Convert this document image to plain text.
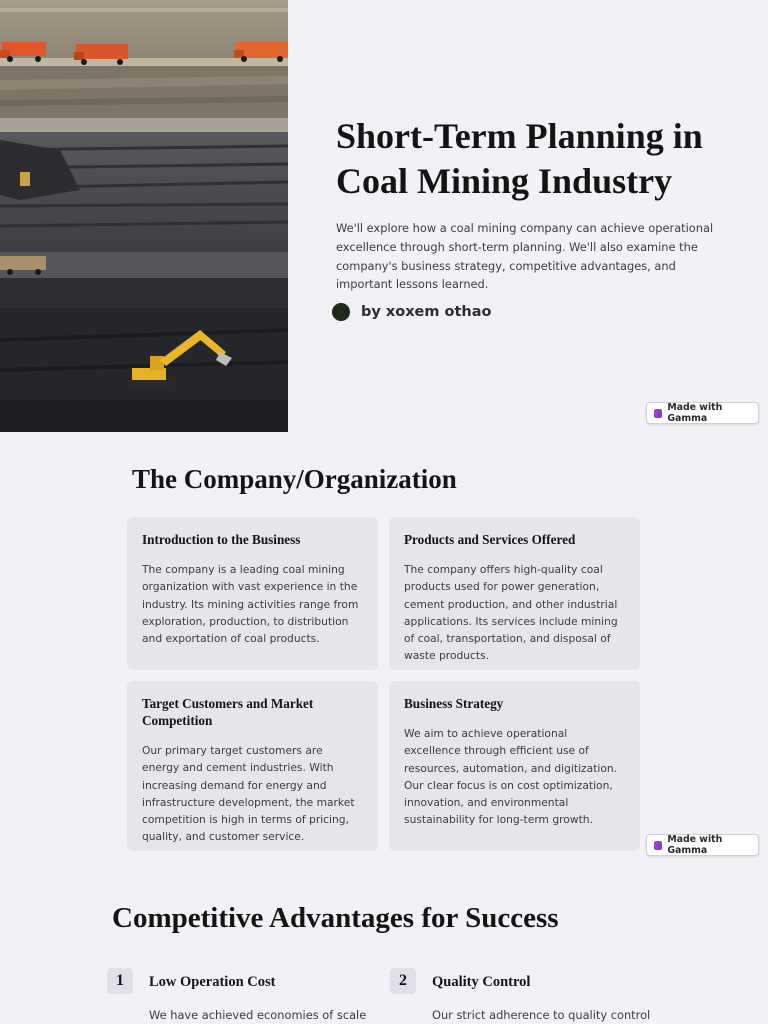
Short-Term Planning in Coal Mining Industry

We'll explore how a coal mining company can achieve operational excellence through short-term planning. We'll also examine the company's business strategy, competitive advantages, and important lessons learned.

by xoxem othao
Made with Gamma
The Company/Organization
Introduction to the Business

The company is a leading coal mining organization with vast experience in the industry. Its mining activities range from exploration, production, to distribution and exportation of coal products.

Products and Services Offered

The company offers high-quality coal products used for power generation, cement production, and other industrial applications. Its services include mining of coal, transportation, and disposal of waste products.

Target Customers and Market Competition

Our primary target customers are energy and cement industries. With increasing demand for energy and infrastructure development, the market competition is high in terms of pricing, quality, and customer service.

Business Strategy

We aim to achieve operational excellence through efficient use of resources, automation, and digitization. Our clear focus is on cost optimization, innovation, and environmental sustainability for long-term growth.

Made with Gamma
Competitive Advantages for Success
1	Low Operation Cost

We have achieved economies of scale

2	Quality Control

Our strict adherence to quality control
